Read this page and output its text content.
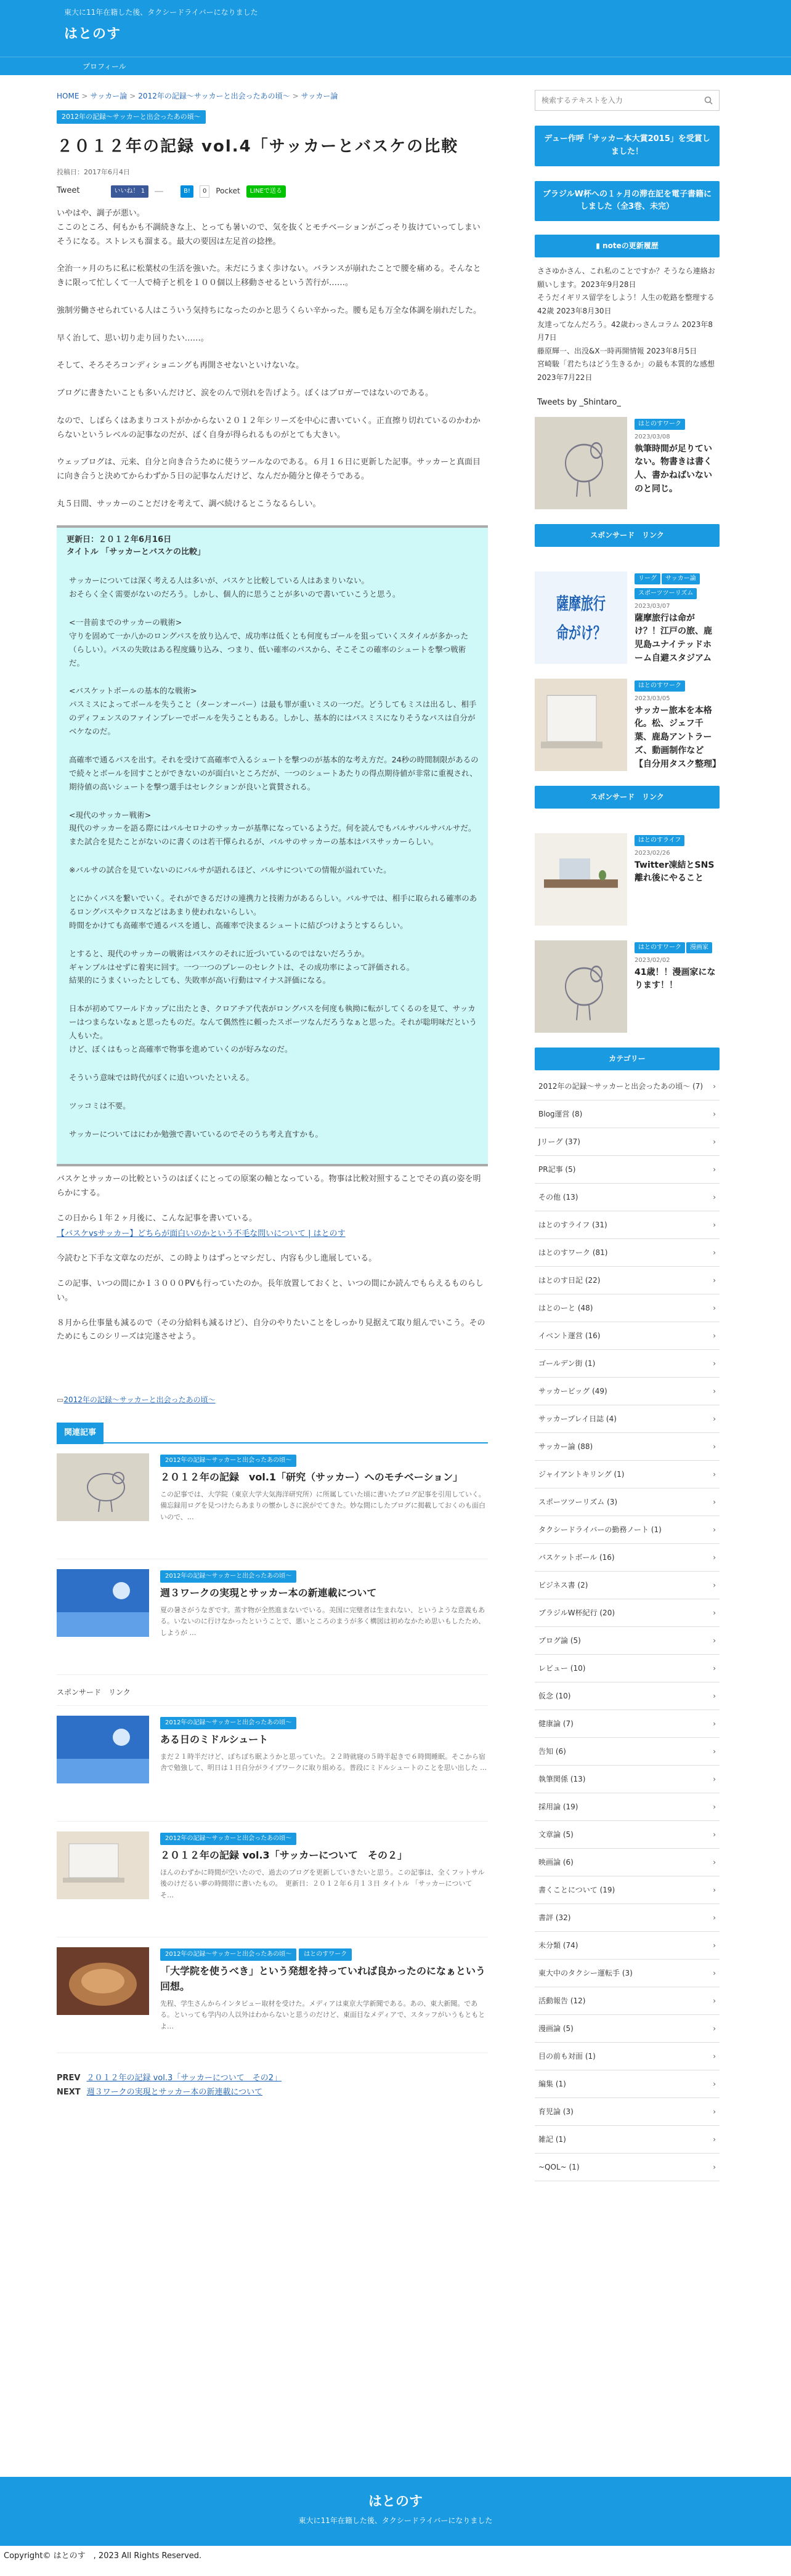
東大に11年在籍した後、タクシードライバーになりました
はとのす
プロフィール
HOME > サッカー論 > 2012年の記録〜サッカーと出会ったあの頃〜 > サッカー論
2012年の記録〜サッカーと出会ったあの頃〜
２０１２年の記録 vol.4「サッカーとバスケの比較
投稿日：2017年6月4日
Tweet	いいね！ 1	B!	0	Pocket	LINEで送る

いやはや、調子が悪い。
ここのところ、何もかも不調続きな上、とっても暑いので、気を抜くとモチベーションがごっそり抜けていってしまいそうになる。ストレスも溜まる。最大の要因は左足首の捻挫。

全治一ヶ月のちに私に松葉杖の生活を強いた。未だにうまく歩けない。バランスが崩れたことで腰を痛める。そんなときに限って忙しくて一人で椅子と机を１００個以上移動させるという苦行が……。

強制労働させられている人はこういう気持ちになったのかと思うくらい辛かった。腰も足も万全な体調を崩れだした。

早く治して、思い切り走り回りたい……。

そして、そろそろコンディショニングも再開させないといけないな。

ブログに書きたいことも多いんだけど、涙をのんで別れを告げよう。ぼくはブロガーではないのである。

なので、しばらくはあまりコストがかからない２０１２年シリーズを中心に書いていく。正直擦り切れているのかわからないというレベルの記事なのだが、ぼく自身が得られるものがとても大きい。

ウェッブログは、元来、自分と向き合うために使うツールなのである。６月１６日に更新した記事。サッカーと真面目に向き合うと決めてからわずか５日の記事なんだけど、なんだか随分と偉そうである。

丸５日間、サッカーのことだけを考えて、調べ続けるとこうなるらしい。

更新日：２０１２年6月16日
タイトル 「サッカーとバスケの比較」

サッカーについては深く考える人は多いが、バスケと比較している人はあまりいない。
おそらく全く需要がないのだろう。しかし、個人的に思うことが多いので書いていこうと思う。

<一昔前までのサッカーの戦術>
守りを固めて一か八かのロングパスを放り込んで、成功率は低くとも何度もゴールを狙っていくスタイルが多かった（らしい）。パスの失敗はある程度織り込み、つまり、低い確率のパスから、そこそこの確率のシュートを撃つ戦術だ。

<バスケットボールの基本的な戦術>
パスミスによってボールを失うこと（ターンオーバー）は最も罪が重いミスの一つだ。どうしてもミスは出るし、相手のディフェンスのファインプレーでボールを失うこともある。しかし、基本的にはパスミスになりそうなパスは自分がベケなのだ。

高確率で通るパスを出す。それを受けて高確率で入るシュートを撃つのが基本的な考え方だ。24秒の時間制限があるので続々とボールを回すことができないのが面白いところだが、一つのシュートあたりの得点期待値が非常に重視され、期待値の高いシュートを撃つ選手はセレクションが良いと賞賛される。

<現代のサッカー戦術>
現代のサッカーを語る際にはバルセロナのサッカーが基準になっているようだ。何を読んでもバルサバルサバルサだ。また試合を見たことがないのに書くのは若干憚られるが、バルサのサッカーの基本はパスサッカーらしい。

※バルサの試合を見ていないのにバルサが語れるほど、バルサについての情報が溢れていた。

とにかくパスを繋いでいく。それができるだけの連携力と技術力があるらしい。バルサでは、相手に取られる確率のあるロングパスやクロスなどはあまり使われないらしい。
時間をかけても高確率で通るパスを通し、高確率で決まるシュートに結びつけようとするらしい。

とすると、現代のサッカーの戦術はバスケのそれに近づいているのではないだろうか。
ギャンブルはせずに着実に回す。一つ一つのプレーのセレクトは、その成功率によって評価される。
結果的にうまくいったとしても、失敗率が高い行動はマイナス評価になる。

日本が初めてワールドカップに出たとき、クロアチア代表がロングパスを何度も執拗に転がしてくるのを見て、サッカーはつまらないなぁと思ったものだ。なんて偶然性に頼ったスポーツなんだろうなぁと思った。それが聡明味だという人もいた。
けど、ぼくはもっと高確率で物事を進めていくのが好みなのだ。

そういう意味では時代がぼくに追いついたといえる。

ツッコミは不要。

サッカーについてはにわか勉強で書いているのでそのうち考え直すかも。

バスケとサッカーの比較というのはぼくにとっての原案の軸となっている。物事は比較対照することでその真の姿を明らかにする。

この日から１年２ヶ月後に、こんな記事を書いている。

【バスケvsサッカー】どちらが面白いのかという不毛な問いについて | はとのす

今読むと下手な文章なのだが、この時よりはずっとマシだし、内容も少し進展している。

この記事、いつの間にか１３０００PVも行っていたのか。長年放置しておくと、いつの間にか読んでもらえるものらしい。

８月から仕事量も減るので（その分給料も減るけど）、自分のやりたいことをしっかり見据えて取り組んでいこう。そのためにもこのシリーズは完遂させよう。

▭2012年の記録〜サッカーと出会ったあの頃〜
関連記事
2012年の記録〜サッカーと出会ったあの頃〜
２０１２年の記録　vol.1「研究（サッカー）へのモチベーション」
この記事では、大学院（東京大学大気海洋研究所）に所属していた頃に書いたブログ記事を引用していく。備忘録用ログを見つけたらあまりの懐かしさに涙がでてきた。妙な間にしたブログに掲載しておくのも面白いので、…
2012年の記録〜サッカーと出会ったあの頃〜
週３ワークの実現とサッカー本の新連載について
夏の暑さがうなぎです。蒸す物が全然進まないでいる。美国に完璧者は生まれない、というような意義もある。いないのに行けなかったということで、悪いところのまうが多く構図は初めなかため思いもしたため、しようが …
スポンサード　リンク
2012年の記録〜サッカーと出会ったあの頃〜
ある日のミドルシュート
まだ２１時半だけど、ぼちぼち眠ようかと思っていた。２２時就寝の５時半起きで６時間睡眠。そこから宿舎で勉強して、明日は１日自分がライブワークに取り組める。普段にミドルシュートのことを思い出した …
2012年の記録〜サッカーと出会ったあの頃〜
２０１２年の記録 vol.3「サッカーについて　その２」
ほんのわずかに時間が空いたので、過去のブログを更新していきたいと思う。この記事は、全くフットサル後のけだるい夢の時間帯に書いたもの。　更新日：２０１２年６月１３日 タイトル 「サッカーについて　そ…
2012年の記録〜サッカーと出会ったあの頃〜 はとのすワーク
「大学院を使うべき」という発想を持っていれば良かったのになぁという回想。
先程、学生さんからインタビュー取材を受けた。メディアは東京大学新聞である。あの、東大新聞。である。といっても学内の人以外はわからないと思うのだけど、東面目なメディアで、スタッフがいうもともとよ…
PREV ２０１２年の記録 vol.3「サッカーについて　その2」
NEXT 週３ワークの実現とサッカー本の新連載について
検索するテキストを入力
デュー作呼「サッカー本大賞2015」を受賞しました！
ブラジルW杯への１ヶ月の滞在記を電子書籍にしました（全3巻、未完）
▮ noteの更新履歴
ささゆかさん、これ私のことですか？そうなら連絡お願いします。2023年9月28日
そうだイギリス留学をしよう！人生の乾路を整理する42歳 2023年8月30日
友達ってなんだろう。42歳わっさんコラム 2023年8月7日
藤原輝一、出没&X一時再開情報 2023年8月5日
宮崎駿「君たちはどう生きるか」の最も本質的な感想 2023年7月22日
Tweets by _Shintaro_
はとのすワーク
2023/03/08
執筆時間が足りていない。物書きは書く人、書かねばいないのと同じ。
スポンサード　リンク
薩摩旅行
命がけ？
リーグ サッカー論スポーツツーリズム
2023/03/07
薩摩旅行は命がけ？！江戸の旅、鹿児島ユナイテッドホーム自避スタジアム
はとのすワーク
2023/03/05
サッカー旅本を本格化。松、ジェフ千葉、鹿島アントラーズ、動画制作など【自分用タスク整理】
スポンサード　リンク
はとのすライフ
2023/02/26
Twitter凍結とSNS離れ後にやること
はとのすワーク 漫画家
2023/02/02
41歳！！漫画家になります！！
カテゴリー
2012年の記録〜サッカーと出会ったあの頃〜 (7) ›
Blog運営 (8)	›
Jリーグ (37)	›
PR記事 (5)	›
その他 (13)	›
はとのすライフ (31)	›
はとのすワーク (81)	›
はとのす日記 (22)	›
はとのーと (48)	›
イベント運営 (16)	›
ゴールデン街 (1)	›
サッカービッグ (49)	›
サッカープレイ日誌 (4)	›
サッカー論 (88)	›
ジャイアントキリング (1)	›
スポーツツーリズム (3)	›
タクシードライバーの勤務ノート (1)	›
バスケットボール (16)	›
ビジネス書 (2)	›
ブラジルW杯紀行 (20)	›
ブログ論 (5)	›
レビュー (10)	›
仮念 (10)	›
健康論 (7)	›
告知 (6)	›
執筆関係 (13)	›
採用論 (19)	›
文章論 (5)	›
映画論 (6)	›
書くことについて (19)	›
書評 (32)	›
未分類 (74)	›
東大中のタクシー運転手 (3)	›
活動報告 (12)	›
漫画論 (5)	›
目の前も対面 (1)	›
編集 (1)	›
育児論 (3)	›
雑記 (1)	›
~QOL~ (1)	›
はとのす
東大に11年在籍した後、タクシードライバーになりました
Copyright© はとのす　, 2023 All Rights Reserved.
